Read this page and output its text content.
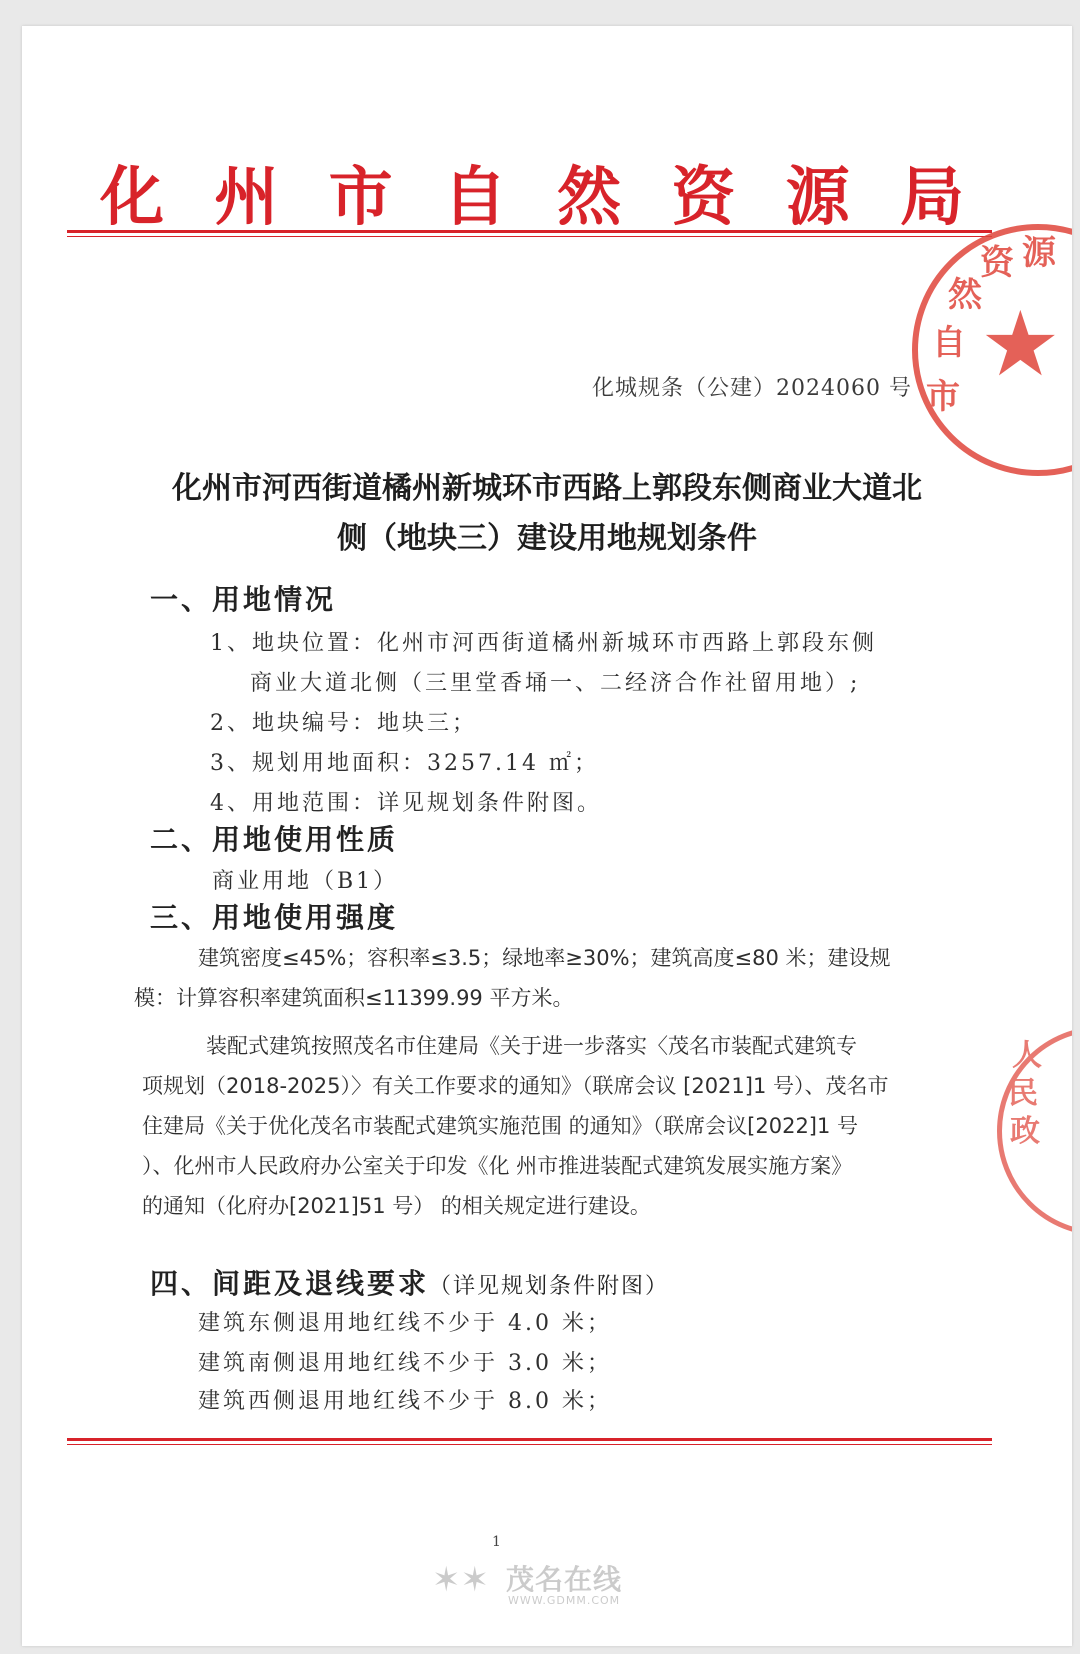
化 州 市 自 然 资 源 局
市
自
然
资 源
★
化城规条（公建）2024060 号
化州市河西街道橘州新城环市西路上郭段东侧商业大道北
侧（地块三）建设用地规划条件
一、用地情况
1、地块位置：化州市河西街道橘州新城环市西路上郭段东侧
商业大道北侧（三里堂香埇一、二经济合作社留用地）;
2、地块编号：地块三；
3、规划用地面积：3257.14 ㎡；
4、用地范围：详见规划条件附图。
二、用地使用性质
商业用地（B1）
三、用地使用强度
建筑密度≤45%；容积率≤3.5；绿地率≥30%；建筑高度≤80 米；建设规
模：计算容积率建筑面积≤11399.99 平方米。
装配式建筑按照茂名市住建局《关于进一步落实〈茂名市装配式建筑专
项规划（2018-2025）〉有关工作要求的通知》（联席会议 [2021]1 号）、茂名市
住建局《关于优化茂名市装配式建筑实施范围 的通知》（联席会议[2022]1 号
）、化州市人民政府办公室关于印发《化 州市推进装配式建筑发展实施方案》
的通知（化府办[2021]51 号） 的相关规定进行建设。
四、间距及退线要求（详见规划条件附图）
建筑东侧退用地红线不少于 4.0 米；
建筑南侧退用地红线不少于 3.0 米；
建筑西侧退用地红线不少于 8.0 米；
人
民
政
1
✶✶ 茂名在线
WWW.GDMM.COM
